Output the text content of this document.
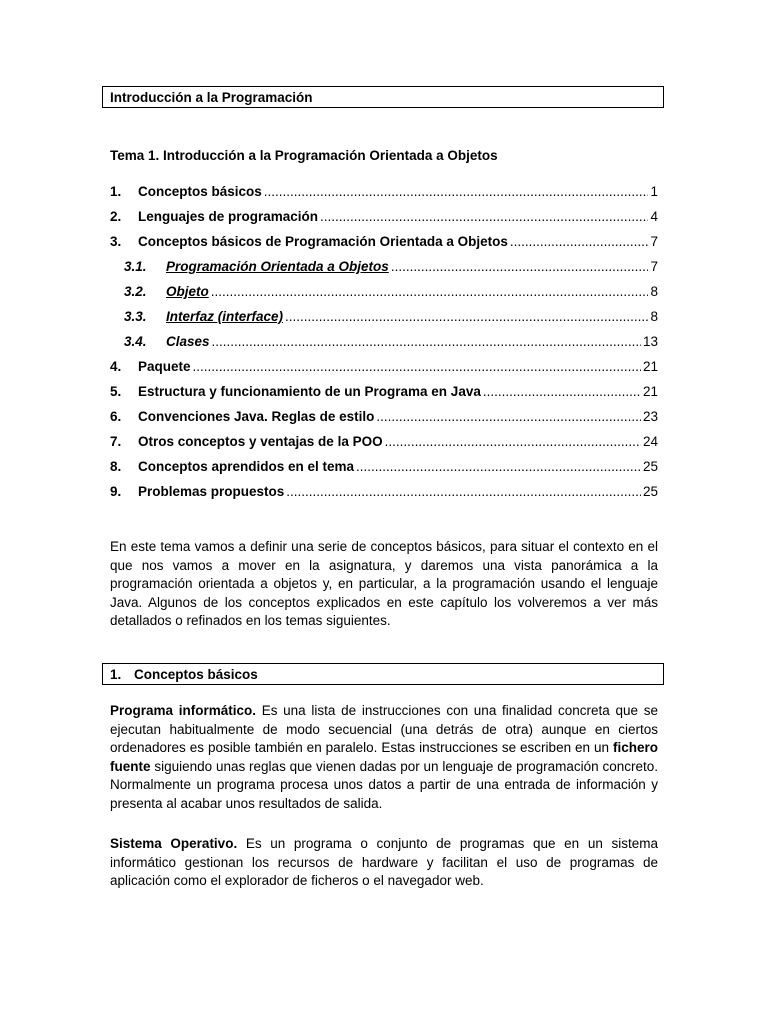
Introducción a la Programación
Tema 1. Introducción a la Programación Orientada a Objetos
1.	Conceptos básicos .....	1
2.	Lenguajes de programación .....	4
3.	Conceptos básicos de Programación Orientada a Objetos .....	7
3.1.	Programación Orientada a Objetos .....	7
3.2.	Objeto .....	8
3.3.	Interfaz (interface) .....	8
3.4.	Clases .....	13
4.	Paquete .....	21
5.	Estructura y funcionamiento de un Programa en Java .....	21
6.	Convenciones Java. Reglas de estilo .....	23
7.	Otros conceptos y ventajas de la POO .....	24
8.	Conceptos aprendidos en el tema .....	25
9.	Problemas propuestos .....	25
En este tema vamos a definir una serie de conceptos básicos, para situar el contexto en el que nos vamos a mover en la asignatura, y daremos una vista panorámica a la programación orientada a objetos y, en particular, a la programación usando el lenguaje Java. Algunos de los conceptos explicados en este capítulo los volveremos a ver más detallados o refinados en los temas siguientes.
1. Conceptos básicos
Programa informático. Es una lista de instrucciones con una finalidad concreta que se ejecutan habitualmente de modo secuencial (una detrás de otra) aunque en ciertos ordenadores es posible también en paralelo. Estas instrucciones se escriben en un fichero fuente siguiendo unas reglas que vienen dadas por un lenguaje de programación concreto. Normalmente un programa procesa unos datos a partir de una entrada de información y presenta al acabar unos resultados de salida.
Sistema Operativo. Es un programa o conjunto de programas que en un sistema informático gestionan los recursos de hardware y facilitan el uso de programas de aplicación como el explorador de ficheros o el navegador web.
